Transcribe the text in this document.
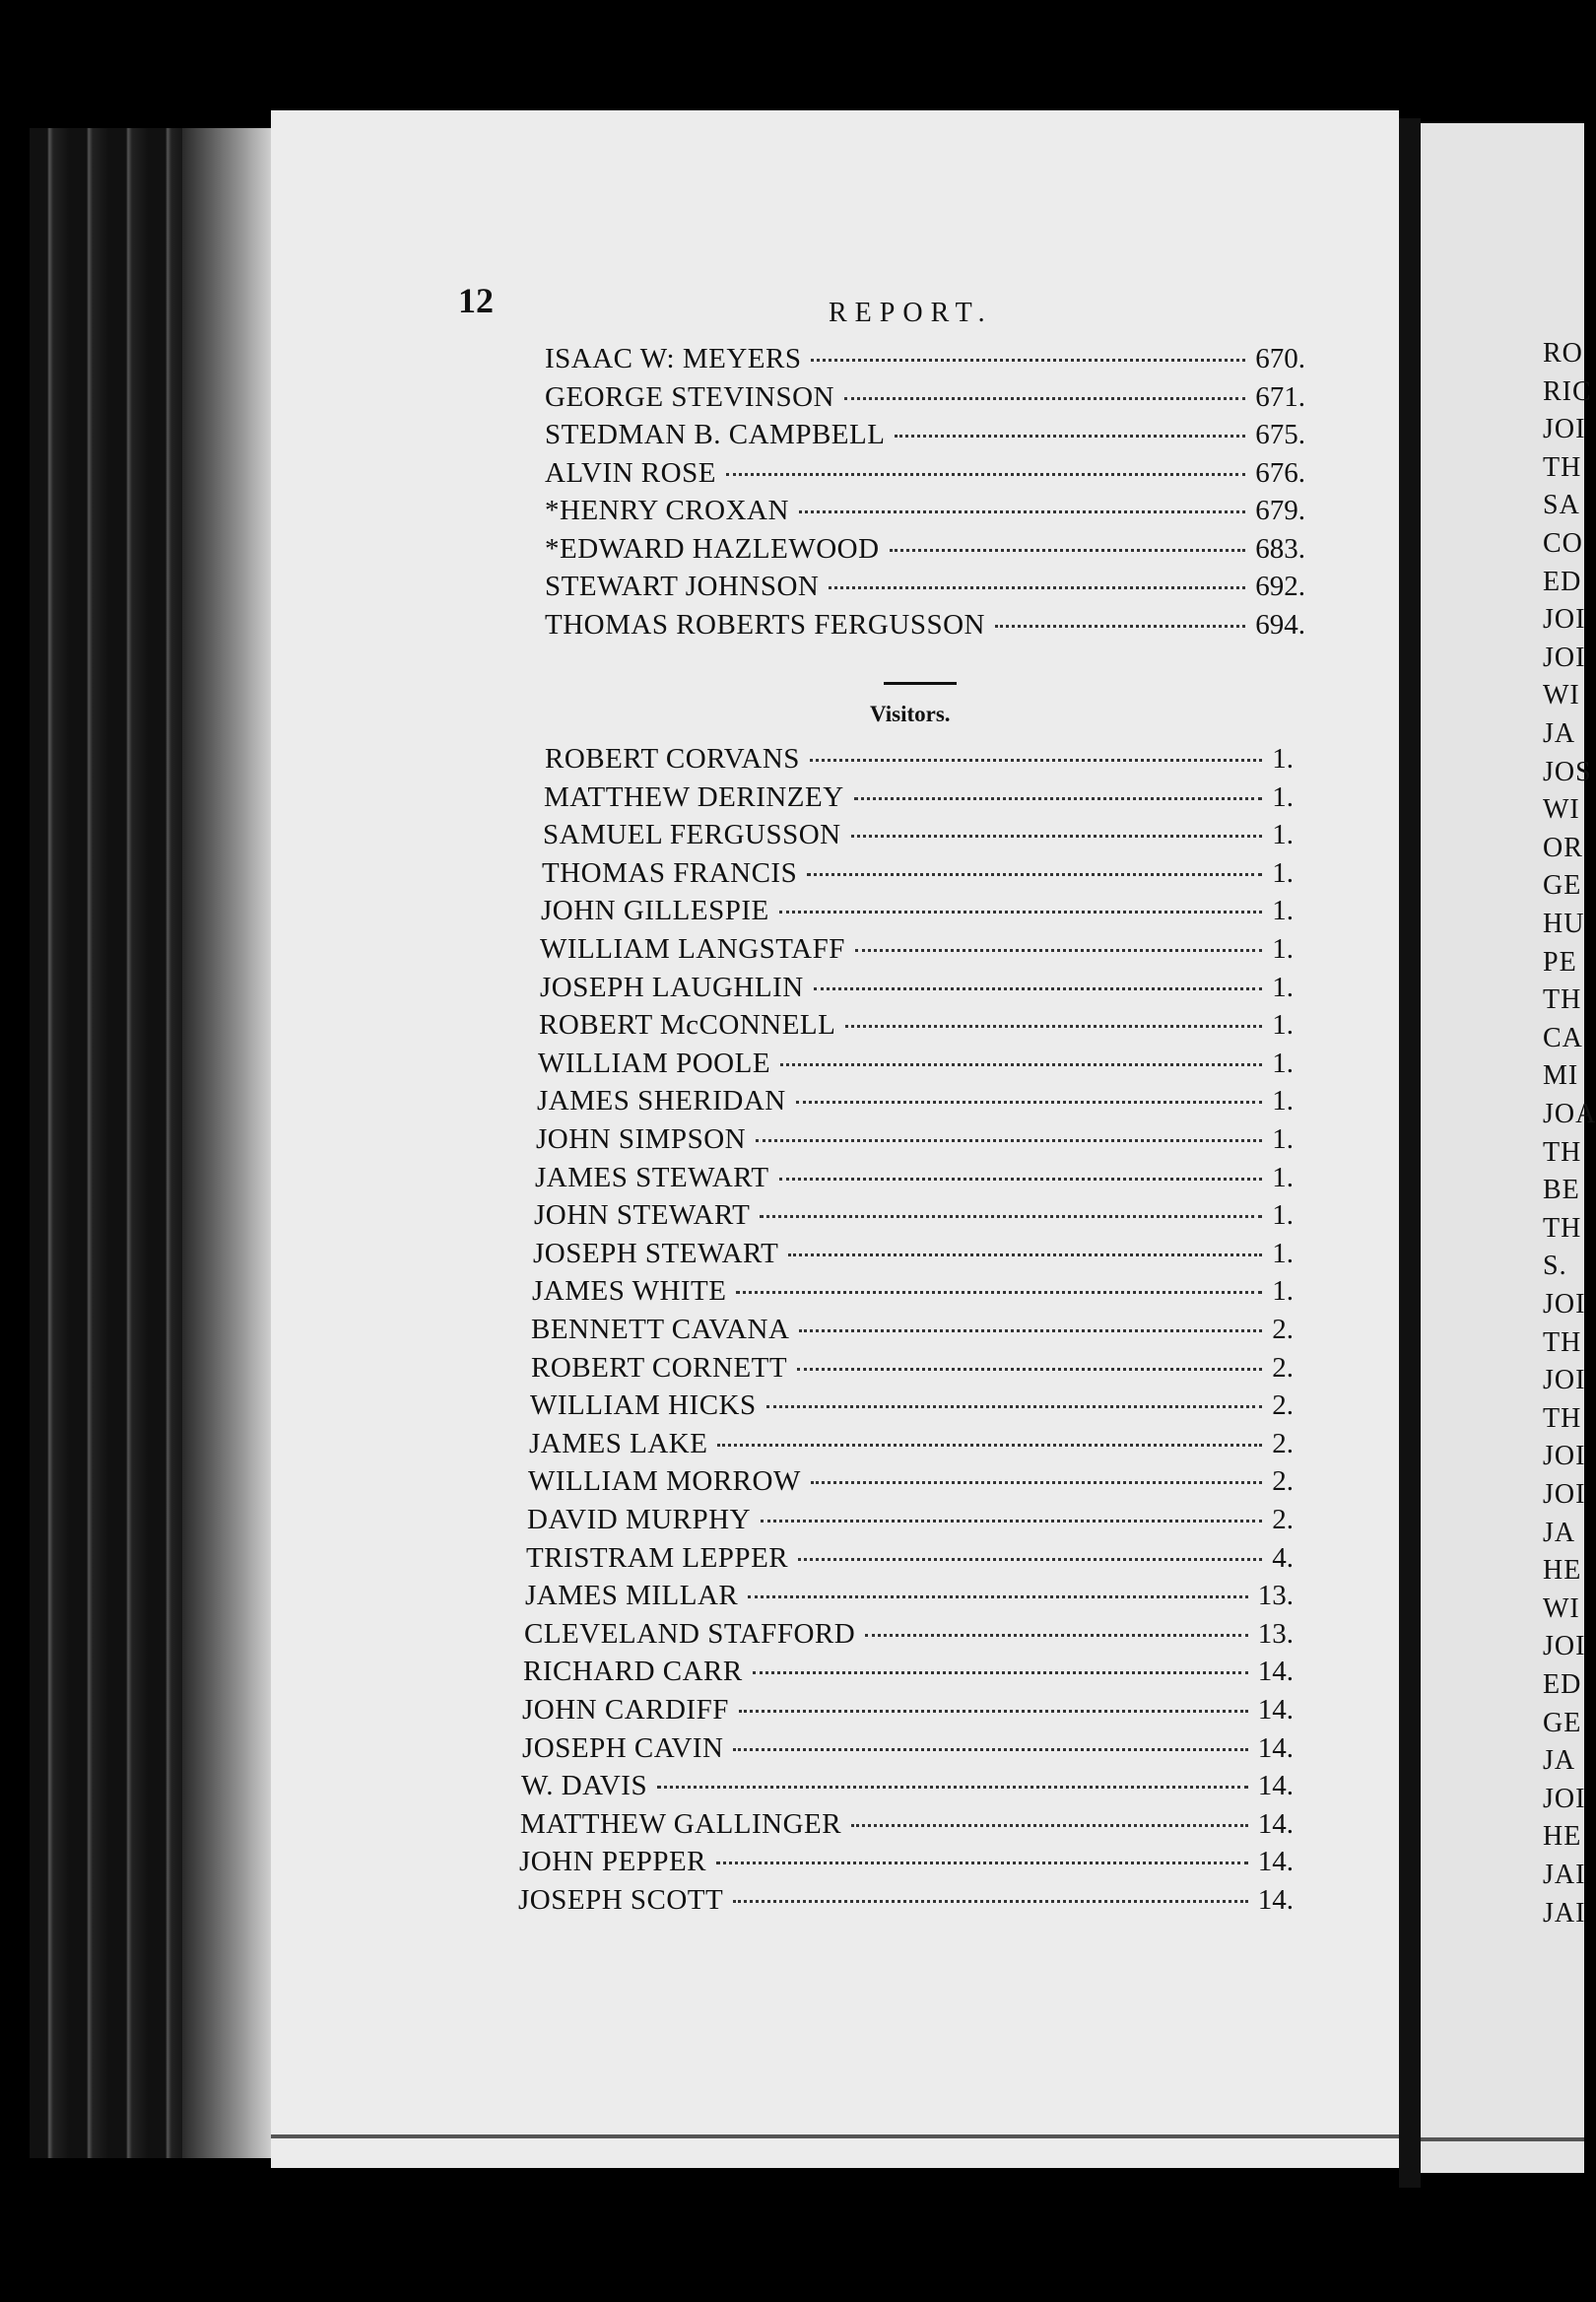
12	REPORT.
ISAAC W: MEYERS	670.
GEORGE STEVINSON	671.
STEDMAN B. CAMPBELL	675.
ALVIN ROSE	676.
*HENRY CROXAN	679.
*EDWARD HAZLEWOOD	683.
STEWART JOHNSON	692.
THOMAS ROBERTS FERGUSSON	694.
ROBERT CORVANS	1.
MATTHEW DERINZEY	1.
SAMUEL FERGUSSON	1.
THOMAS FRANCIS	1.
JOHN GILLESPIE	1.
WILLIAM LANGSTAFF	1.
JOSEPH LAUGHLIN	1.
ROBERT McCONNELL	1.
WILLIAM POOLE	1.
JAMES SHERIDAN	1.
JOHN SIMPSON	1.
JAMES STEWART	1.
JOHN STEWART	1.
JOSEPH STEWART	1.
JAMES WHITE	1.
BENNETT CAVANA	2.
ROBERT CORNETT	2.
WILLIAM HICKS	2.
JAMES LAKE	2.
WILLIAM MORROW	2.
DAVID MURPHY	2.
TRISTRAM LEPPER	4.
JAMES MILLAR	13.
CLEVELAND STAFFORD	13.
RICHARD CARR	14.
JOHN CARDIFF	14.
JOSEPH CAVIN	14.
W. DAVIS	14.
MATTHEW GALLINGER	14.
JOHN PEPPER	14.
JOSEPH SCOTT	14.
Visitors.
RO
RIC
JOI
TH
SA
CO
ED
JOI
JOI
WI
JA
JOS
WI
OR
GE
HU
PE
TH
CA
MI
JOA
TH
BE
TH
S.
JOI
TH
JOI
TH
JOI
JOI
JA
HE
WI
JOI
ED
GE
JA
JOI
HE
JAI
JAI
